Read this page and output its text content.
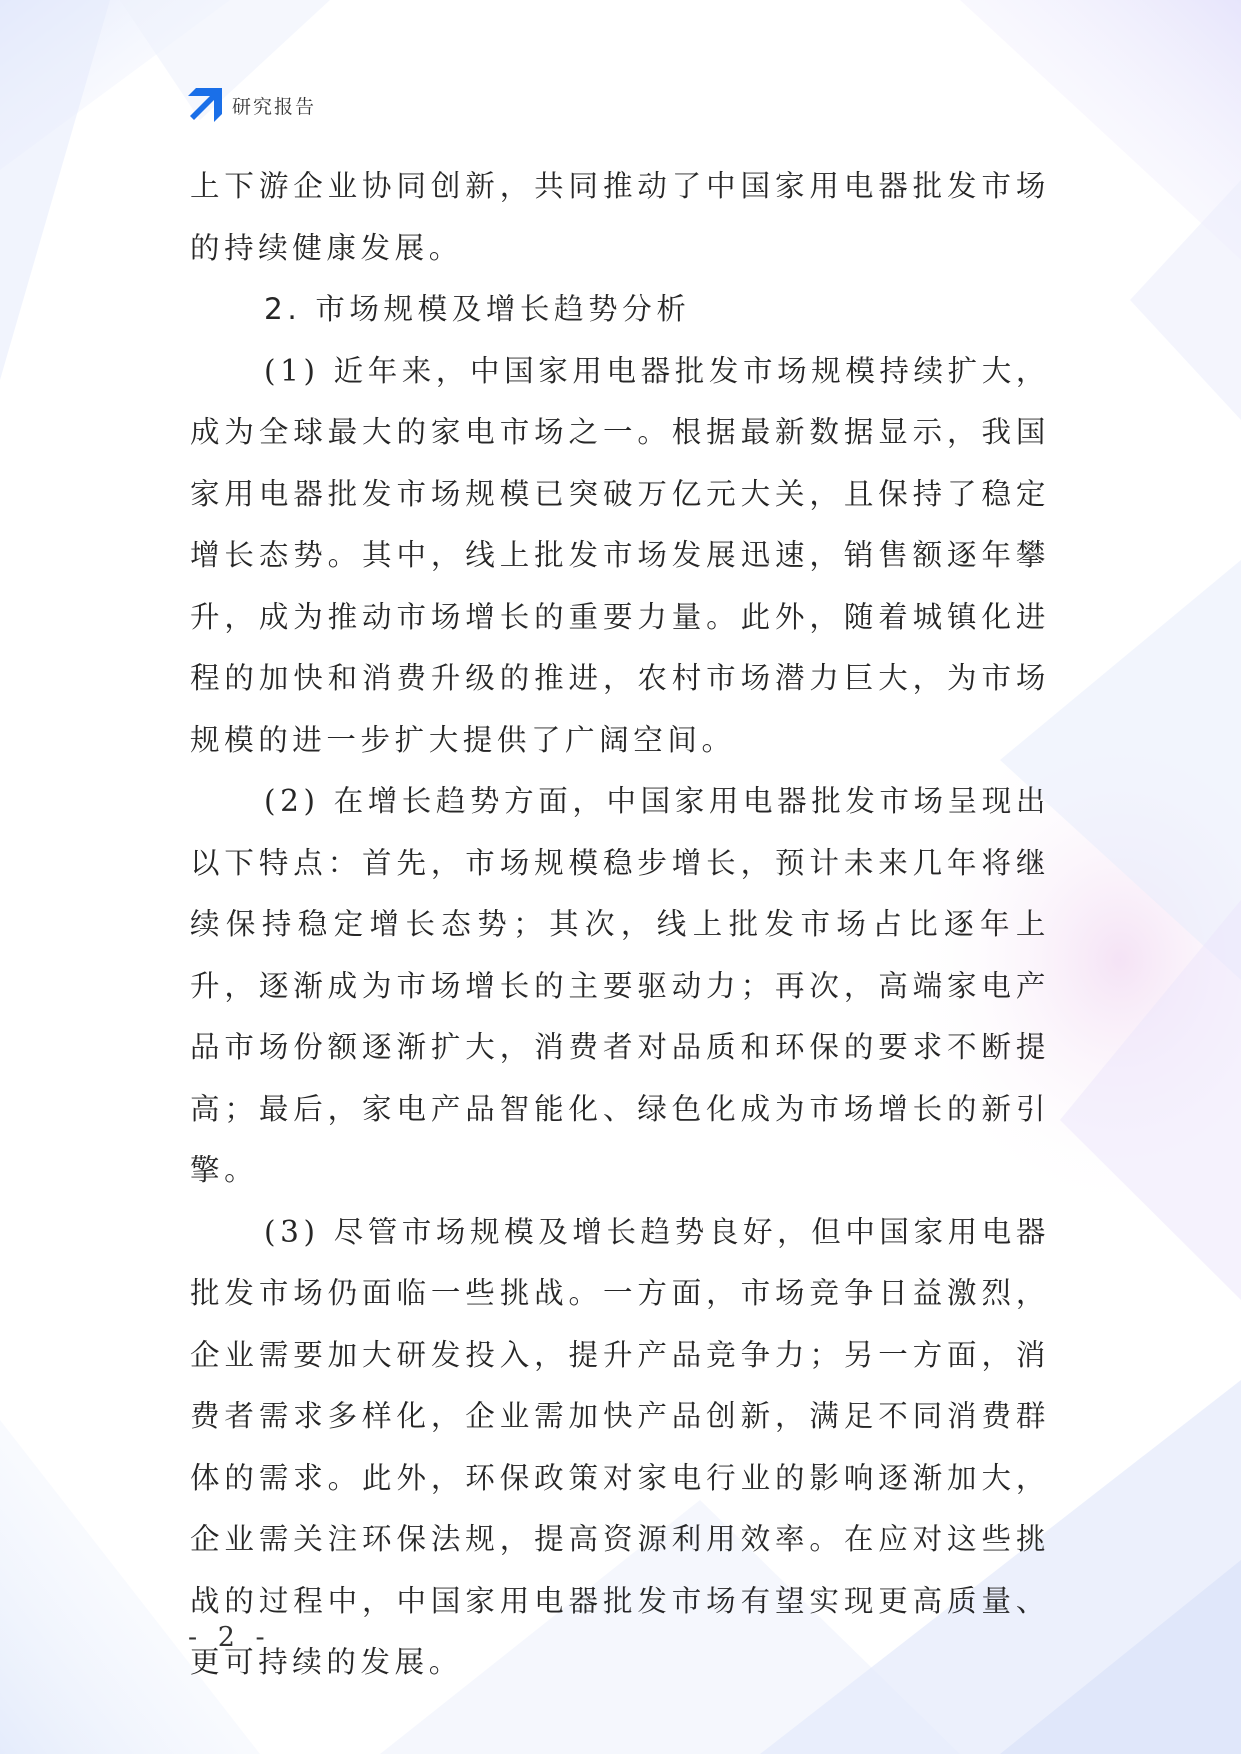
研究报告

上下游企业协同创新，共同推动了中国家用电器批发市场的持续健康发展。

2. 市场规模及增长趋势分析

(1) 近年来，中国家用电器批发市场规模持续扩大，成为全球最大的家电市场之一。根据最新数据显示，我国家用电器批发市场规模已突破万亿元大关，且保持了稳定增长态势。其中，线上批发市场发展迅速，销售额逐年攀升，成为推动市场增长的重要力量。此外，随着城镇化进程的加快和消费升级的推进，农村市场潜力巨大，为市场规模的进一步扩大提供了广阔空间。

(2) 在增长趋势方面，中国家用电器批发市场呈现出以下特点：首先，市场规模稳步增长，预计未来几年将继续保持稳定增长态势；其次，线上批发市场占比逐年上升，逐渐成为市场增长的主要驱动力；再次，高端家电产品市场份额逐渐扩大，消费者对品质和环保的要求不断提高；最后，家电产品智能化、绿色化成为市场增长的新引擎。

(3) 尽管市场规模及增长趋势良好，但中国家用电器批发市场仍面临一些挑战。一方面，市场竞争日益激烈，企业需要加大研发投入，提升产品竞争力；另一方面，消费者需求多样化，企业需加快产品创新，满足不同消费群体的需求。此外，环保政策对家电行业的影响逐渐加大，企业需关注环保法规，提高资源利用效率。在应对这些挑战的过程中，中国家用电器批发市场有望实现更高质量、更可持续的发展。

- 2 -
